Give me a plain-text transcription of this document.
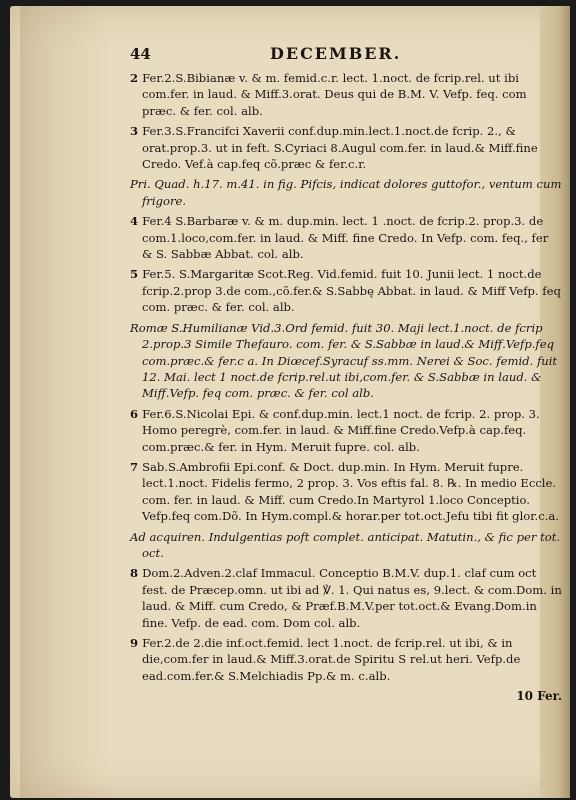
44	DECEMBER.

2 Fer.2.S.Bibianæ v. & m. femid.c.r. lect. 1.noct. de fcrip.rel. ut ibi com.fer. in laud. & Miff.3.orat. Deus qui de B.M. V. Vefp. feq. com præc. & fer. col. alb.

3 Fer.3.S.Francifci Xaverii conf.dup.min.lect.1.noct.de fcrip. 2., & orat.prop.3. ut in feft. S.Cyriaci 8.Augul com.fer. in laud.& Miff.fine Credo. Vef.à cap.feq cõ.præc & fer.c.r.

Pri. Quad. h.17. m.41. in fig. Pifcis, indicat dolores guttofor., ventum cum frigore.

4 Fer.4 S.Barbaræ v. & m. dup.min. lect. 1 .noct. de fcrip.2. prop.3. de com.1.loco,com.fer. in laud. & Miff. fine Credo. In Vefp. com. feq., fer & S. Sabbæ Abbat. col. alb.

5 Fer.5. S.Margaritæ Scot.Reg. Vid.femid. fuit 10. Junii lect. 1 noct.de fcrip.2.prop 3.de com.,cõ.fer.& S.Sabbę Abbat. in laud. & Miff Vefp. feq com. præc. & fer. col. alb.

Romæ S.Humilianæ Vid.3.Ord femid. fuit 30. Maji lect.1.noct. de fcrip 2.prop.3 Simile Thefauro. com. fer. & S.Sabbæ in laud.& Miff.Vefp.feq com.præc.& fer.c a. In Diœcef.Syracuf ss.mm. Nerei & Soc. femid. fuit 12. Mai. lect 1 noct.de fcrip.rel.ut ibi,com.fer. & S.Sabbæ in laud. & Miff.Vefp. feq com. præc. & fer. col alb.

6 Fer.6.S.Nicolai Epi. & conf.dup.min. lect.1 noct. de fcrip. 2. prop. 3. Homo peregrè, com.fer. in laud. & Miff.fine Credo.Vefp.à cap.feq. com.præc.& fer. in Hym. Meruit fupre. col. alb.

7 Sab.S.Ambrofii Epi.conf. & Doct. dup.min. In Hym. Meruit fupre. lect.1.noct. Fidelis fermo, 2 prop. 3. Vos eftis fal. 8. ℞. In medio Eccle. com. fer. in laud. & Miff. cum Credo.In Martyrol 1.loco Conceptio. Vefp.feq com.Dõ. In Hym.compl.& horar.per tot.oct.Jefu tibi fit glor.c.a.

Ad acquiren. Indulgentias poft complet. anticipat. Matutin., & fic per tot. oct.

8 Dom.2.Adven.2.claf Immacul. Conceptio B.M.V. dup.1. claf cum oct fest. de Præcep.omn. ut ibi ad ℣. 1. Qui natus es, 9.lect. & com.Dom. in laud. & Miff. cum Credo, & Præf.B.M.V.per tot.oct.& Evang.Dom.in fine. Vefp. de ead. com. Dom col. alb.

9 Fer.2.de 2.die inf.oct.femid. lect 1.noct. de fcrip.rel. ut ibi, & in die,com.fer in laud.& Miff.3.orat.de Spiritu S rel.ut heri. Vefp.de ead.com.fer.& S.Melchiadis Pp.& m. c.alb.

10 Fer.
